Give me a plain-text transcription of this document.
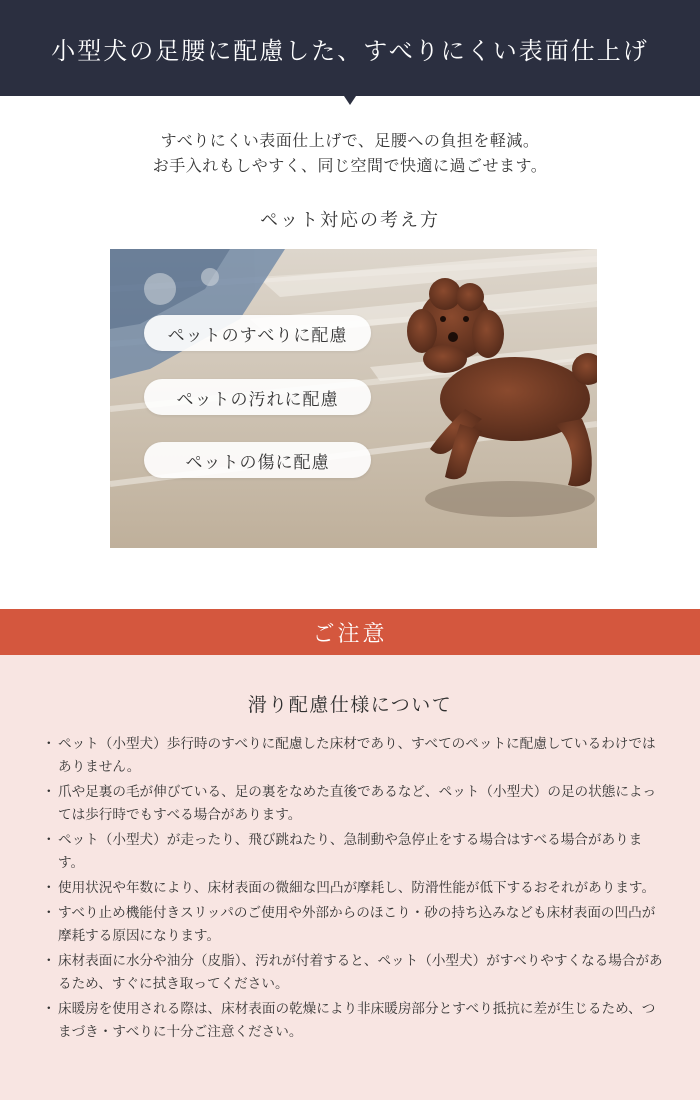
小型犬の足腰に配慮した、すべりにくい表面仕上げ
すべりにくい表面仕上げで、足腰への負担を軽減。
お手入れもしやすく、同じ空間で快適に過ごせます。
ペット対応の考え方
ペットのすべりに配慮
ペットの汚れに配慮
ペットの傷に配慮
ご注意
滑り配慮仕様について
・ ペット（小型犬）歩行時のすべりに配慮した床材であり、すべてのペットに配慮しているわけではありません。
・ 爪や足裏の毛が伸びている、足の裏をなめた直後であるなど、ペット（小型犬）の足の状態によっては歩行時でもすべる場合があります。
・ ペット（小型犬）が走ったり、飛び跳ねたり、急制動や急停止をする場合はすべる場合があります。
・ 使用状況や年数により、床材表面の微細な凹凸が摩耗し、防滑性能が低下するおそれがあります。
・ すべり止め機能付きスリッパのご使用や外部からのほこり・砂の持ち込みなども床材表面の凹凸が摩耗する原因になります。
・ 床材表面に水分や油分（皮脂）、汚れが付着すると、ペット（小型犬）がすべりやすくなる場合があるため、すぐに拭き取ってください。
・ 床暖房を使用される際は、床材表面の乾燥により非床暖房部分とすべり抵抗に差が生じるため、つまづき・すべりに十分ご注意ください。
